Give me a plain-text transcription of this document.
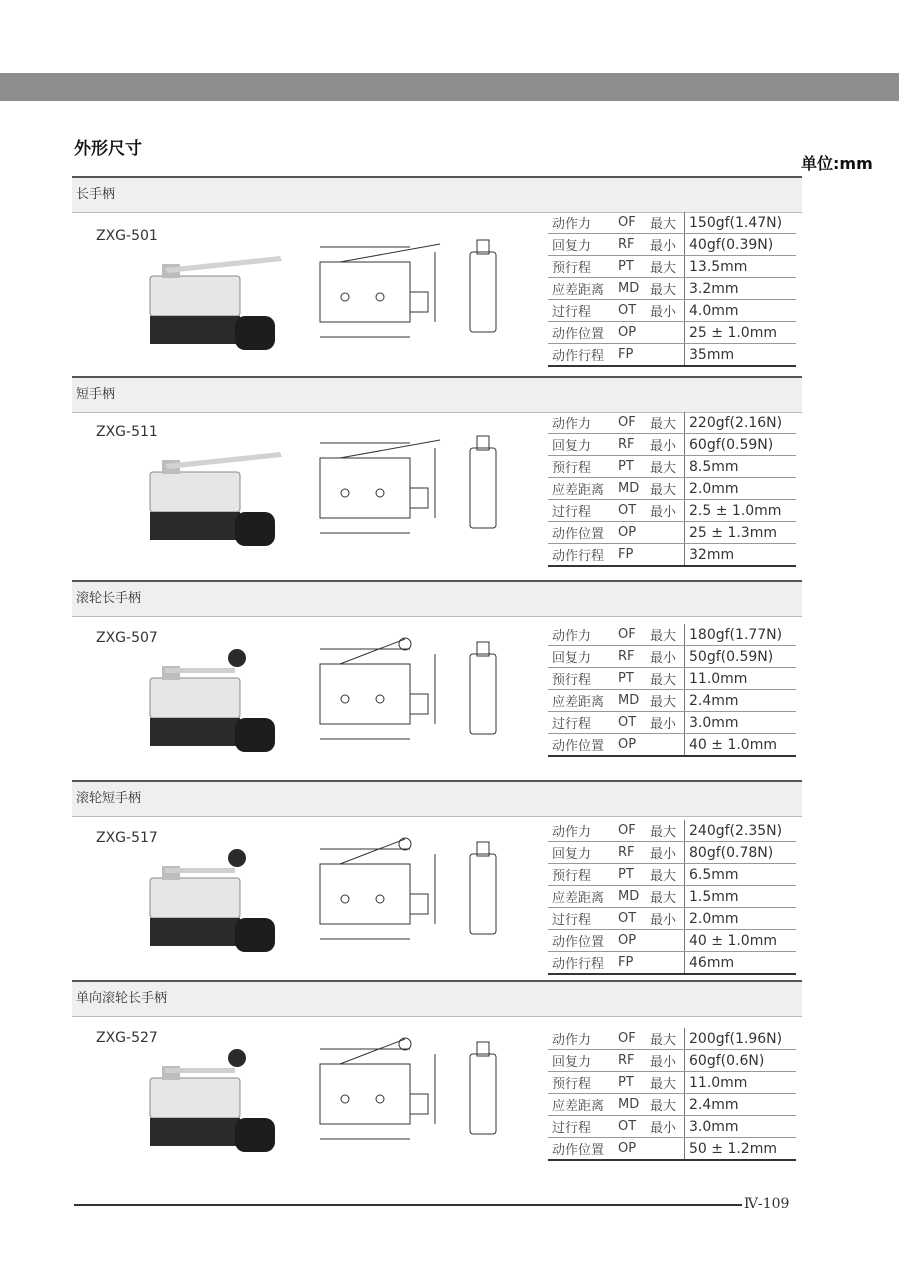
外形尺寸
单位:mm
长手柄
ZXG-501
动作力	OF	最大	150gf(1.47N)
回复力	RF	最小	40gf(0.39N)
预行程	PT	最大	13.5mm
应差距离	MD	最大	3.2mm
过行程	OT	最小	4.0mm
动作位置	OP		25 ± 1.0mm
动作行程	FP		35mm
短手柄
ZXG-511	动作力	OF	最大	220gf(2.16N)
回复力	RF	最小	60gf(0.59N)
预行程	PT	最大	8.5mm
应差距离	MD	最大	2.0mm
过行程	OT	最小	2.5 ± 1.0mm
动作位置	OP		25 ± 1.3mm
动作行程	FP		32mm
滚轮长手柄
ZXG-507	动作力	OF	最大	180gf(1.77N)
回复力	RF	最小	50gf(0.59N)
预行程	PT	最大	11.0mm
应差距离	MD	最大	2.4mm
过行程	OT	最小	3.0mm
动作位置	OP		40 ± 1.0mm
滚轮短手柄
ZXG-517	动作力	OF	最大	240gf(2.35N)
回复力	RF	最小	80gf(0.78N)
预行程	PT	最大	6.5mm
应差距离	MD	最大	1.5mm
过行程	OT	最小	2.0mm
动作位置	OP		40 ± 1.0mm
动作行程	FP		46mm
单向滚轮长手柄
ZXG-527	动作力	OF	最大	200gf(1.96N)
回复力	RF	最小	60gf(0.6N)
预行程	PT	最大	11.0mm
应差距离	MD	最大	2.4mm
过行程	OT	最小	3.0mm
动作位置	OP		50 ± 1.2mm
Ⅳ-109
